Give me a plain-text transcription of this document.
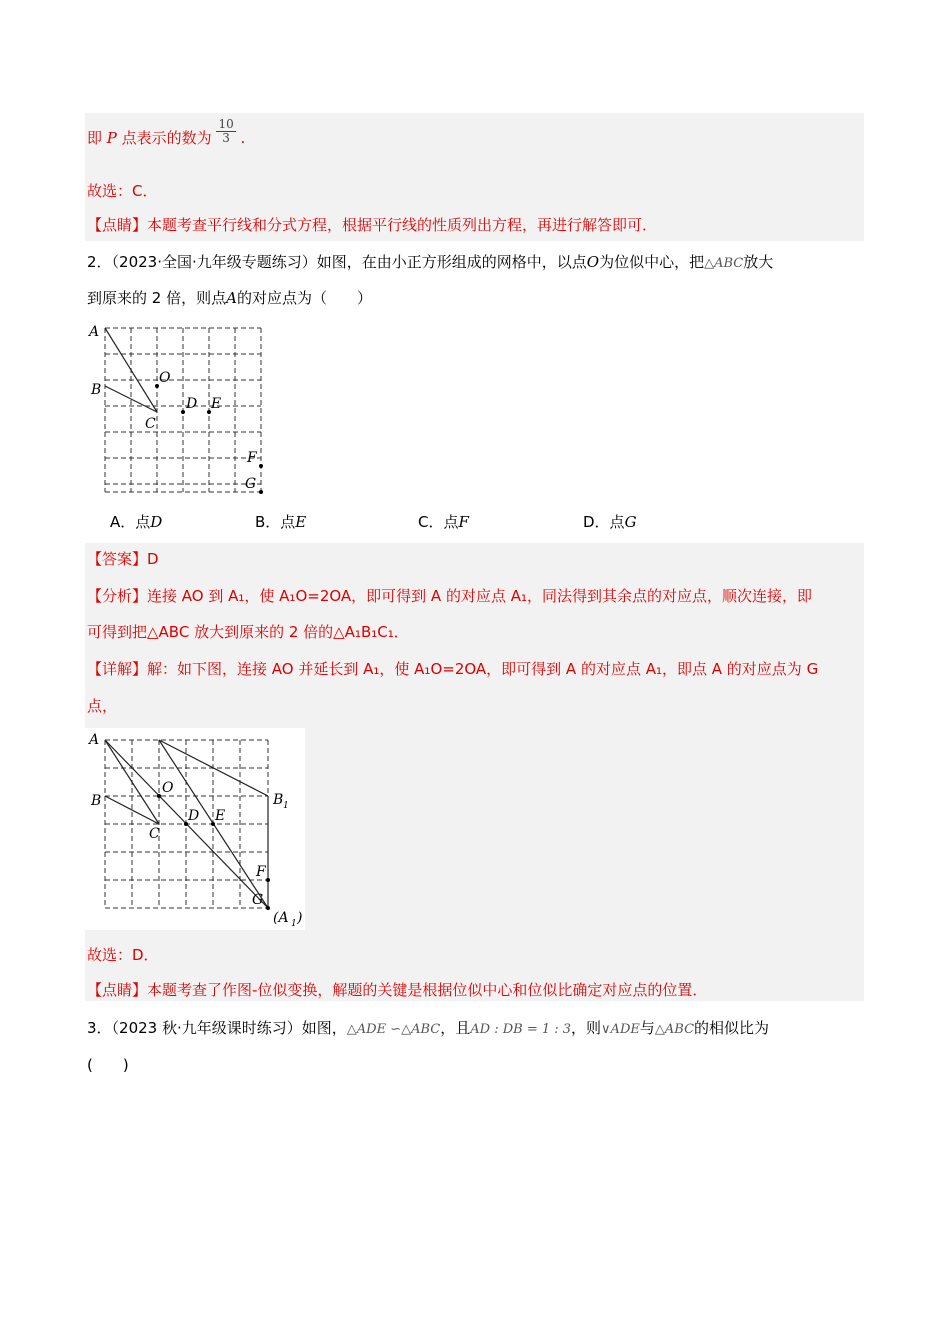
即 P 点表示的数为 $\frac{10}{3}$ .
故选：C．
【点睛】本题考查平行线和分式方程，根据平行线的性质列出方程，再进行解答即可．
2．（2023·全国·九年级专题练习）如图，在由小正方形组成的网格中，以点O为位似中心，把△ABC放大
到原来的 2 倍，则点A的对应点为（　　）
A
B
C
O
D E
F
G
A．点D	B．点E	C．点F	D．点G
【答案】D
【分析】连接 AO 到 A₁，使 A₁O=2OA，即可得到 A 的对应点 A₁，同法得到其余点的对应点，顺次连接，即
可得到把△ABC 放大到原来的 2 倍的△A₁B₁C₁．
【详解】解：如下图，连接 AO 并延长到 A₁，使 A₁O=2OA，即可得到 A 的对应点 A₁，即点 A 的对应点为 G
点，
A
B
C
O
D E
F
G
B 1
(A 1 )
故选：D．
【点睛】本题考查了作图-位似变换，解题的关键是根据位似中心和位似比确定对应点的位置．
3．（2023 秋·九年级课时练习）如图，△ADE ∽△ABC，且AD : DB = 1 : 3，则∨ADE与△ABC的相似比为
(　　)
